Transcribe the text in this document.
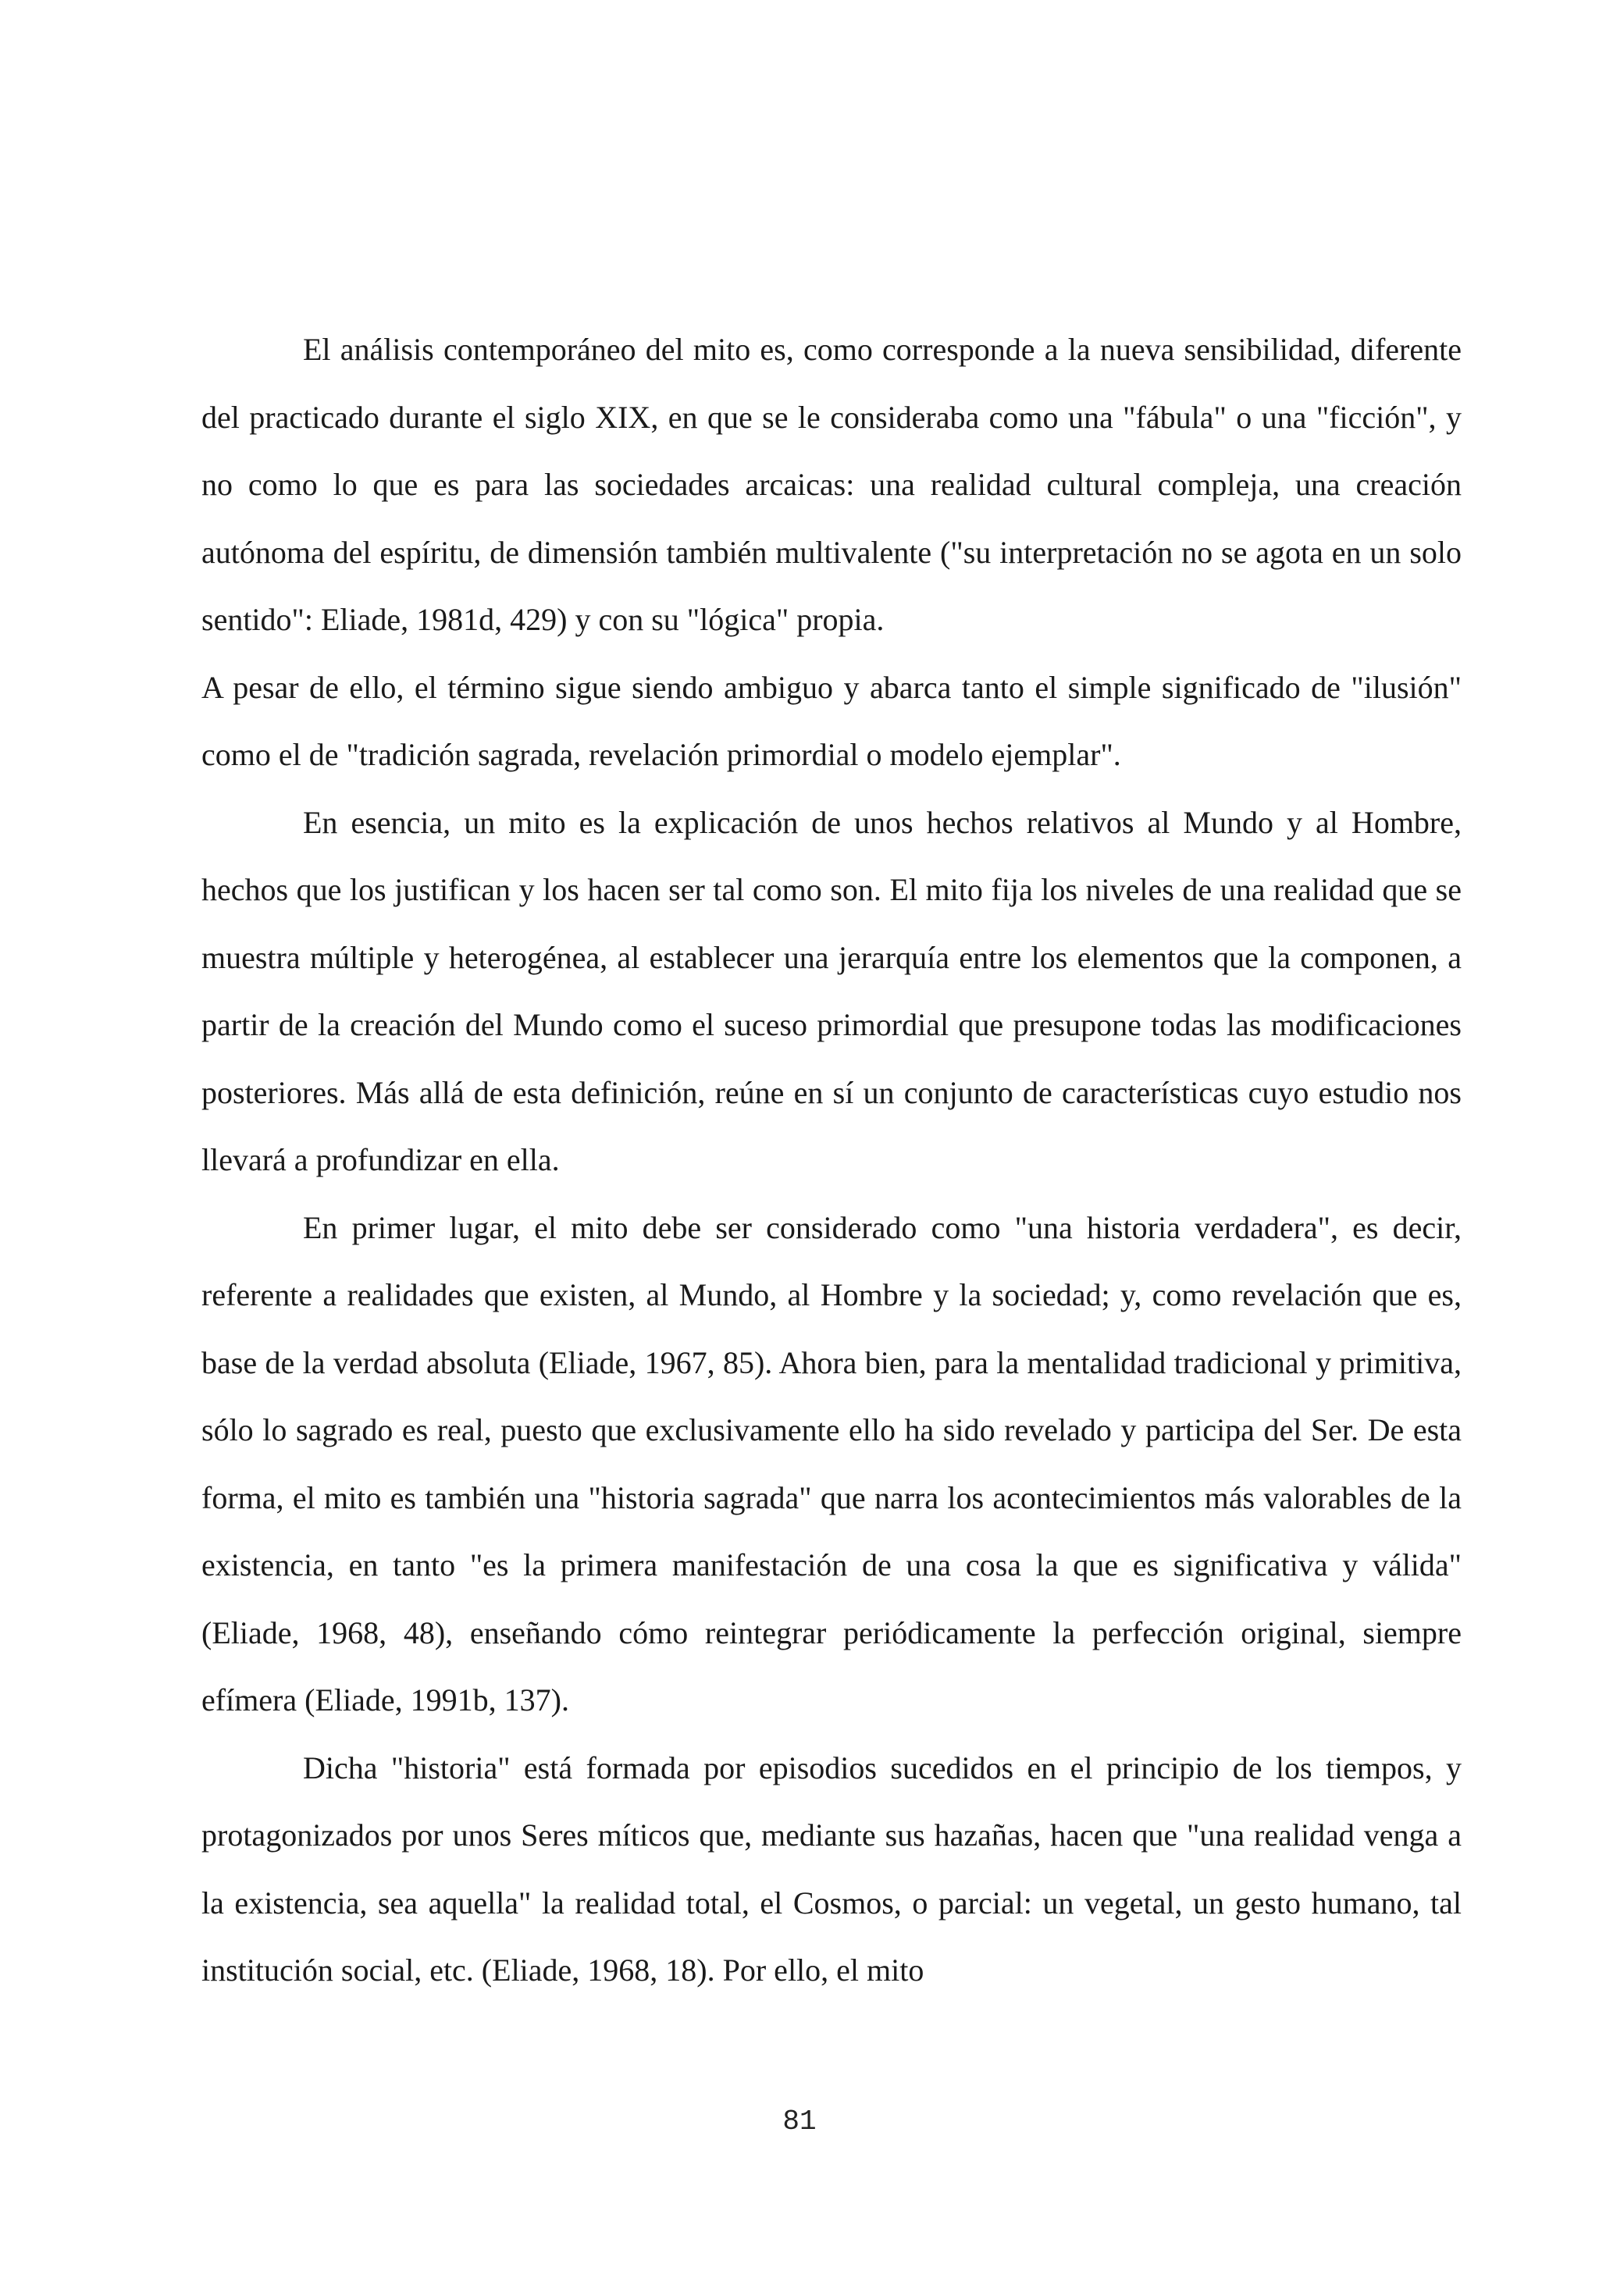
El análisis contemporáneo del mito es, como corresponde a la nueva sensibilidad, diferente del practicado durante el siglo XIX, en que se le consideraba como una "fábula" o una "ficción", y no como lo que es para las sociedades arcaicas: una realidad cultural compleja, una creación autónoma del espíritu, de dimensión también multivalente ("su interpretación no se agota en un solo sentido": Eliade, 1981d, 429) y con su "lógica" propia.

A pesar de ello, el término sigue siendo ambiguo y abarca tanto el simple significado de "ilusión" como el de "tradición sagrada, revelación primordial o modelo ejemplar".

En esencia, un mito es la explicación de unos hechos relativos al Mundo y al Hombre, hechos que los justifican y los hacen ser tal como son. El mito fija los niveles de una realidad que se muestra múltiple y heterogénea, al establecer una jerarquía entre los elementos que la componen, a partir de la creación del Mundo como el suceso primordial que presupone todas las modificaciones posteriores. Más allá de esta definición, reúne en sí un conjunto de características cuyo estudio nos llevará a profundizar en ella.

En primer lugar, el mito debe ser considerado como "una historia verdadera", es decir, referente a realidades que existen, al Mundo, al Hombre y la sociedad; y, como revelación que es, base de la verdad absoluta (Eliade, 1967, 85). Ahora bien, para la mentalidad tradicional y primitiva, sólo lo sagrado es real, puesto que exclusivamente ello ha sido revelado y participa del Ser. De esta forma, el mito es también una "historia sagrada" que narra los acontecimientos más valorables de la existencia, en tanto "es la primera manifestación de una cosa la que es significativa y válida" (Eliade, 1968, 48), enseñando cómo reintegrar periódicamente la perfección original, siempre efímera (Eliade, 1991b, 137).

Dicha "historia" está formada por episodios sucedidos en el principio de los tiempos, y protagonizados por unos Seres míticos que, mediante sus hazañas, hacen que "una realidad venga a la existencia, sea aquella" la realidad total, el Cosmos, o parcial: un vegetal, un gesto humano, tal institución social, etc. (Eliade, 1968, 18). Por ello, el mito

81
